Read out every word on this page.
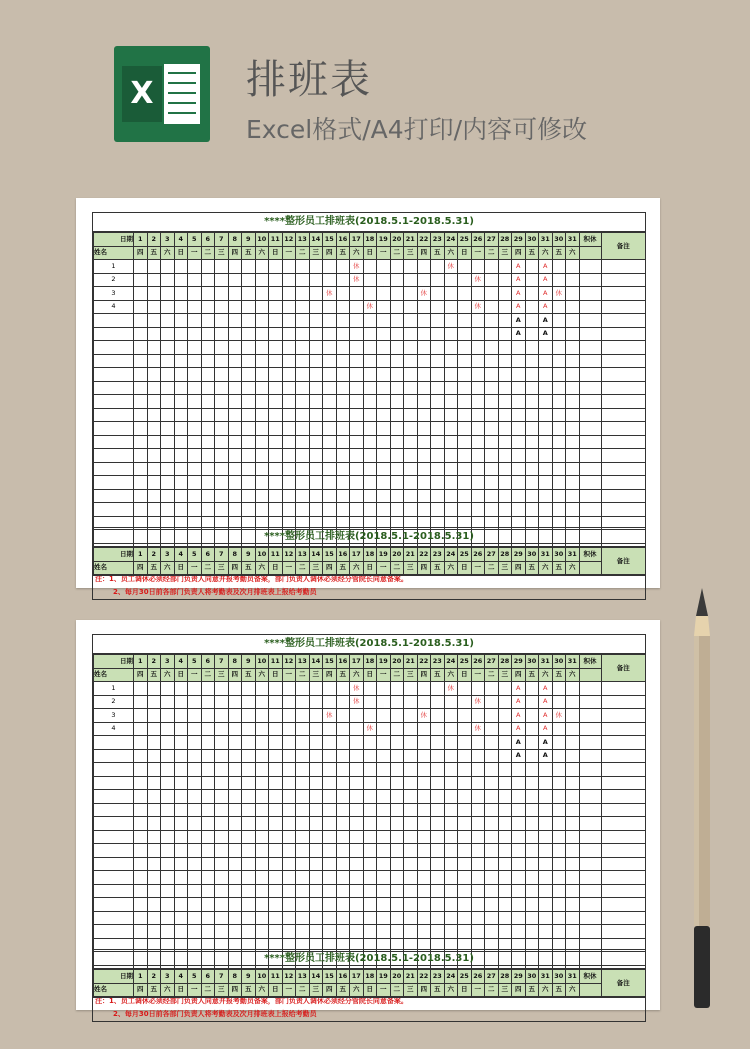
X 排班表
Excel格式/A4打印/内容可修改
****整形员工排班表(2018.5.1-2018.5.31)
日期	1	2	3	4	5	6	7	8	9	10	11	12	13	14	15	16	17	18	19	20	21	22	23	24	25	26	27	28	29	30	31	30	31	积休	备注
姓名	四	五	六	日	一	二	三	四	五	六	日	一	二	三	四	五	六	日	一	二	三	四	五	六	日	一	二	三	四	五	六	五	六		
1																	休							休					A		A				
2																	休									休			A		A				
3															休							休							A		A	休			
4																		休								休			A		A				
																													A		A				
																													A		A				

注：1、员工调休必须经部门负责人同意并报考勤员备案，部门负责人调休必须经分管院长同意备案。
2、每月30日前各部门负责人将考勤表及次月排班表上报给考勤员
****整形员工排班表(2018.5.1-2018.5.31)
日期	1	2	3	4	5	6	7	8	9	10	11	12	13	14	15	16	17	18	19	20	21	22	23	24	25	26	27	28	29	30	31	30	31	积休	备注
姓名	四	五	六	日	一	二	三	四	五	六	日	一	二	三	四	五	六	日	一	二	三	四	五	六	日	一	二	三	四	五	六	五	六		
****整形员工排班表(2018.5.1-2018.5.31)
日期	1	2	3	4	5	6	7	8	9	10	11	12	13	14	15	16	17	18	19	20	21	22	23	24	25	26	27	28	29	30	31	30	31	积休	备注
姓名	四	五	六	日	一	二	三	四	五	六	日	一	二	三	四	五	六	日	一	二	三	四	五	六	日	一	二	三	四	五	六	五	六		
1																	休							休					A		A				
2																	休									休			A		A				
3															休							休							A		A	休			
4																		休								休			A		A				
																													A		A				
																													A		A				

注：1、员工调休必须经部门负责人同意并报考勤员备案，部门负责人调休必须经分管院长同意备案。
2、每月30日前各部门负责人将考勤表及次月排班表上报给考勤员
****整形员工排班表(2018.5.1-2018.5.31)
日期	1	2	3	4	5	6	7	8	9	10	11	12	13	14	15	16	17	18	19	20	21	22	23	24	25	26	27	28	29	30	31	30	31	积休	备注
姓名	四	五	六	日	一	二	三	四	五	六	日	一	二	三	四	五	六	日	一	二	三	四	五	六	日	一	二	三	四	五	六	五	六		
